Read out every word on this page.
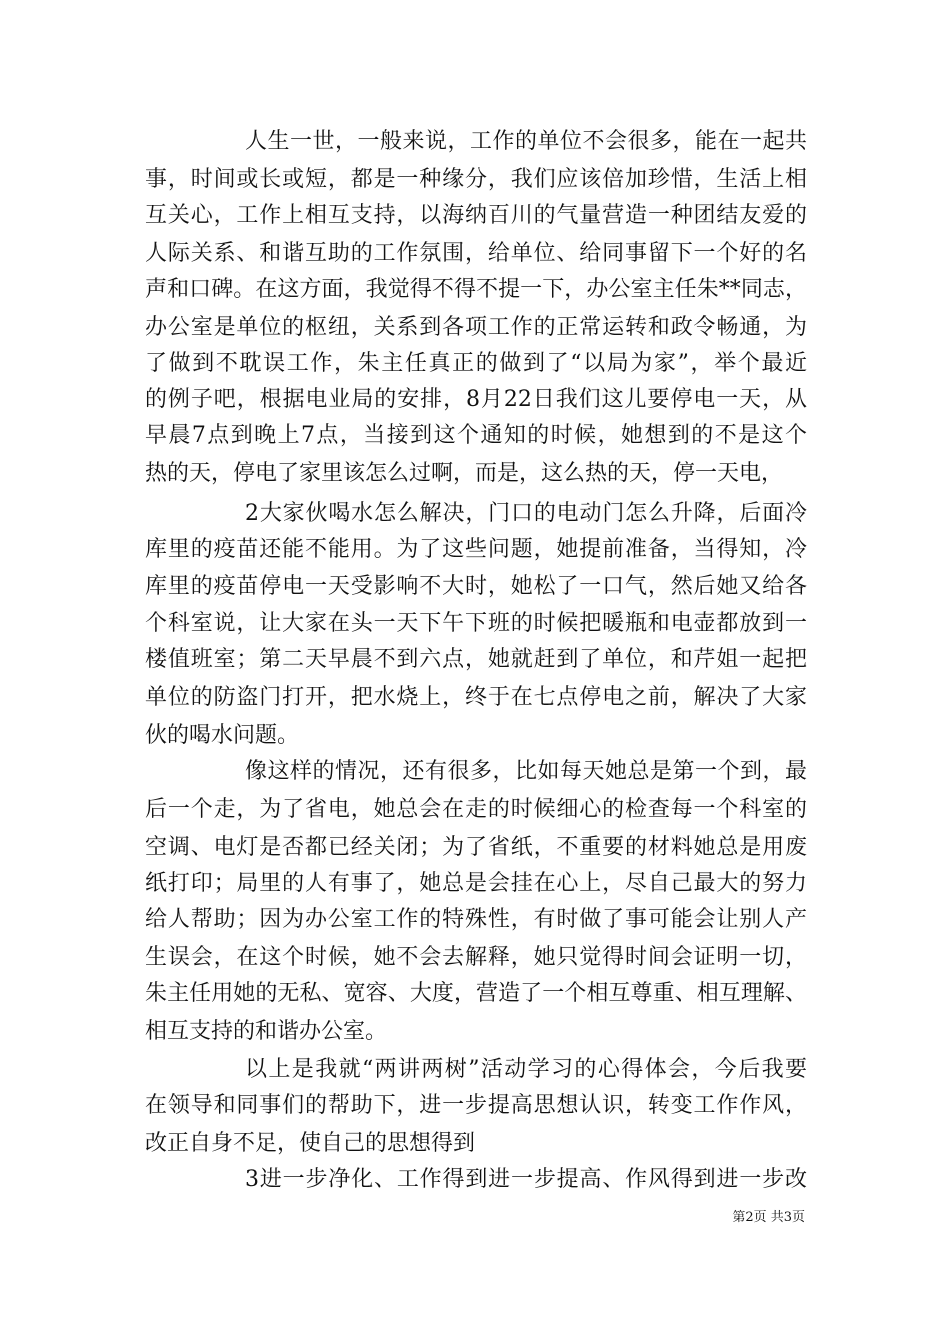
人生一世，一般来说，工作的单位不会很多，能在一起共
事，时间或长或短，都是一种缘分，我们应该倍加珍惜，生活上相
互关心，工作上相互支持，以海纳百川的气量营造一种团结友爱的
人际关系、和谐互助的工作氛围，给单位、给同事留下一个好的名
声和口碑。在这方面，我觉得不得不提一下，办公室主任朱**同志，
办公室是单位的枢纽，关系到各项工作的正常运转和政令畅通，为
了做到不耽误工作，朱主任真正的做到了“以局为家”，举个最近
的例子吧，根据电业局的安排，8月22日我们这儿要停电一天，从
早晨7点到晚上7点，当接到这个通知的时候，她想到的不是这个
热的天，停电了家里该怎么过啊，而是，这么热的天，停一天电，
2大家伙喝水怎么解决，门口的电动门怎么升降，后面冷
库里的疫苗还能不能用。为了这些问题，她提前准备，当得知，冷
库里的疫苗停电一天受影响不大时，她松了一口气，然后她又给各
个科室说，让大家在头一天下午下班的时候把暖瓶和电壶都放到一
楼值班室；第二天早晨不到六点，她就赶到了单位，和芹姐一起把
单位的防盗门打开，把水烧上，终于在七点停电之前，解决了大家
伙的喝水问题。
像这样的情况，还有很多，比如每天她总是第一个到，最
后一个走，为了省电，她总会在走的时候细心的检查每一个科室的
空调、电灯是否都已经关闭；为了省纸，不重要的材料她总是用废
纸打印；局里的人有事了，她总是会挂在心上，尽自己最大的努力
给人帮助；因为办公室工作的特殊性，有时做了事可能会让别人产
生误会，在这个时候，她不会去解释，她只觉得时间会证明一切，
朱主任用她的无私、宽容、大度，营造了一个相互尊重、相互理解、
相互支持的和谐办公室。
以上是我就“两讲两树”活动学习的心得体会，今后我要
在领导和同事们的帮助下，进一步提高思想认识，转变工作作风，
改正自身不足，使自己的思想得到
3进一步净化、工作得到进一步提高、作风得到进一步改
第2页 共3页
